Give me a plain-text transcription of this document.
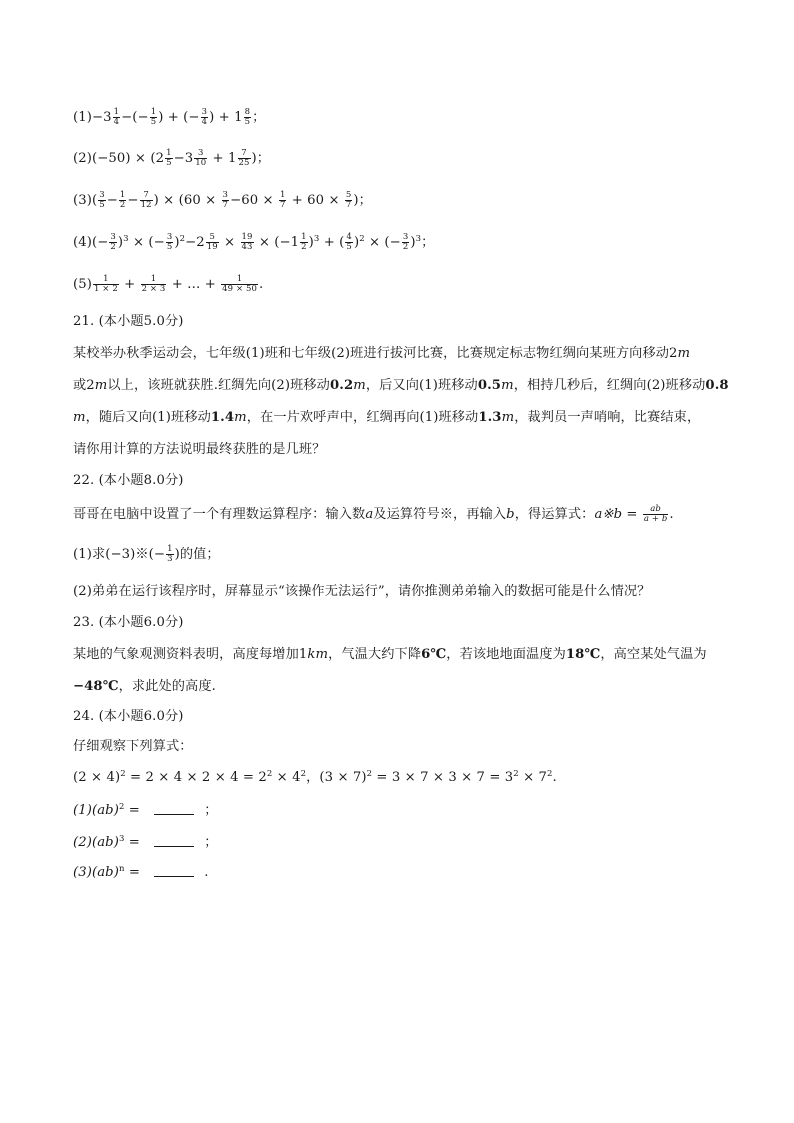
$(1)-3 \frac{1}{4}$ −(− $\frac{1}{5}$ ) + (− $\frac{3}{4}$ ) + $1 \frac{8}{5}$ ；
$(2)(-50) \times (2 \frac{1}{5} -3 \frac{3}{10} + 1 \frac{7}{25}$ )；
$(3)( \frac{3}{5} - \frac{1}{2} - \frac{7}{12}$ ) × ($60 \times \frac{3}{7} -60 \times \frac{1}{7} + 60 \times \frac{5}{7}$ )；
$(4)(- \frac{3}{2} )^3$ × (− $\frac{3}{5} )^2-2 \frac{5}{19} \times \frac{19}{43} \times (-1 \frac{1}{2} )^3$ + ( $\frac{4}{5} )^2$ × (− $\frac{3}{2} )^3$；
$(5) \frac{1}{1 \times 2} + \frac{1}{2 \times 3}$ + … + $\frac{1}{49 \times 50}$ .
21. (本小题5.0分)
某校举办秋季运动会，七年级(1)班和七年级(2)班进行拔河比赛，比赛规定标志物红绸向某班方向移动2m
或2m以上，该班就获胜.红绸先向(2)班移动0.2m，后又向(1)班移动0.5m，相持几秒后，红绸向(2)班移动0.8
m，随后又向(1)班移动1.4m，在一片欢呼声中，红绸再向(1)班移动1.3m，裁判员一声哨响，比赛结束，
请你用计算的方法说明最终获胜的是几班？
22. (本小题8.0分)
哥哥在电脑中设置了一个有理数运算程序：输入数a及运算符号※，再输入b，得运算式：a※b = $\frac{ab}{a + b}$ .
(1)求(−3)※(− $\frac{1}{3}$ )的值；
(2)弟弟在运行该程序时，屏幕显示“该操作无法运行”，请你推测弟弟输入的数据可能是什么情况？
23. (本小题6.0分)
某地的气象观测资料表明，高度每增加1km，气温大约下降6℃，若该地地面温度为18℃，高空某处气温为
−48℃，求此处的高度.
24. (本小题6.0分)
仔细观察下列算式：
$(2 \times 4)^2 = 2 \times 4 \times 2 \times 4 = 2^2 \times 4^2$，$(3 \times 7)^2 = 3 \times 7 \times 3 \times 7 = 3^2 \times 7^2$.
(1)(ab)$^2$ =	；
(2)(ab)$^3$ =	；
(3)(ab)$^n$ =	.
